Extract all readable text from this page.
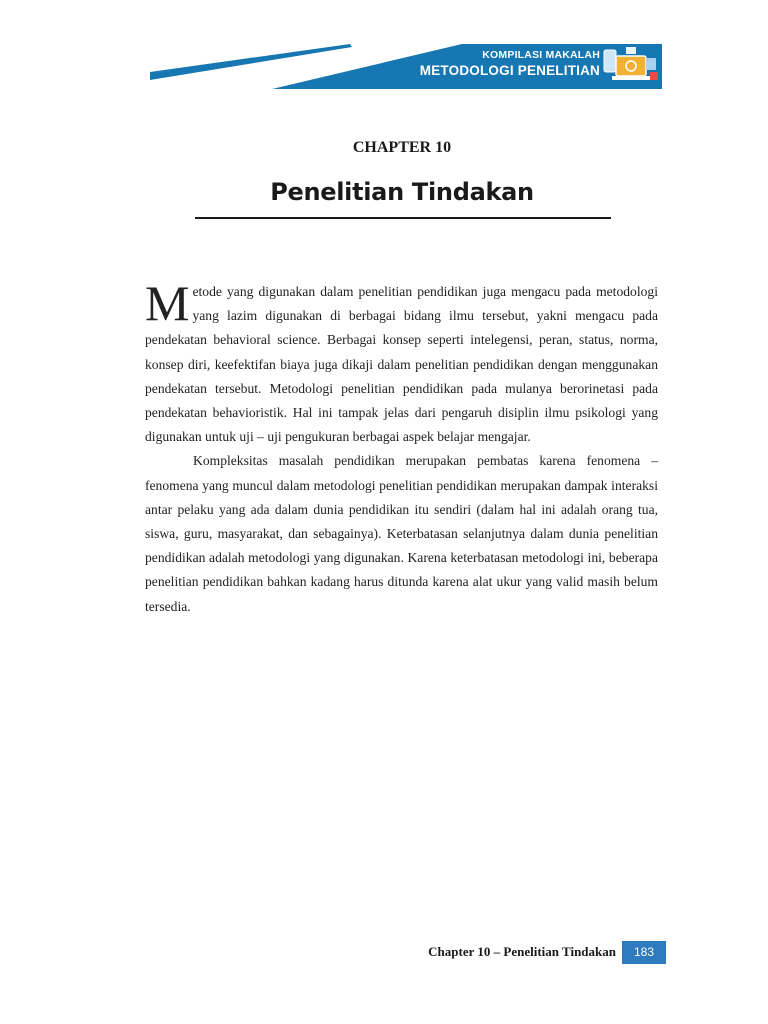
KOMPILASI MAKALAH
METODOLOGI PENELITIAN
CHAPTER 10
Penelitian Tindakan

Metode yang digunakan dalam penelitian pendidikan juga mengacu pada metodologi yang lazim digunakan di berbagai bidang ilmu tersebut, yakni mengacu pada pendekatan behavioral science. Berbagai konsep seperti intelegensi, peran, status, norma, konsep diri, keefektifan biaya juga dikaji dalam penelitian pendidikan dengan menggunakan pendekatan tersebut. Metodologi penelitian pendidikan pada mulanya berorinetasi pada pendekatan behavioristik. Hal ini tampak jelas dari pengaruh disiplin ilmu psikologi yang digunakan untuk uji – uji pengukuran berbagai aspek belajar mengajar.

Kompleksitas masalah pendidikan merupakan pembatas karena fenomena – fenomena yang muncul dalam metodologi penelitian pendidikan merupakan dampak interaksi antar pelaku yang ada dalam dunia pendidikan itu sendiri (dalam hal ini adalah orang tua, siswa, guru, masyarakat, dan sebagainya). Keterbatasan selanjutnya dalam dunia penelitian pendidikan adalah metodologi yang digunakan. Karena keterbatasan metodologi ini, beberapa penelitian pendidikan bahkan kadang harus ditunda karena alat ukur yang valid masih belum tersedia.

Chapter 10 – Penelitian Tindakan	183
